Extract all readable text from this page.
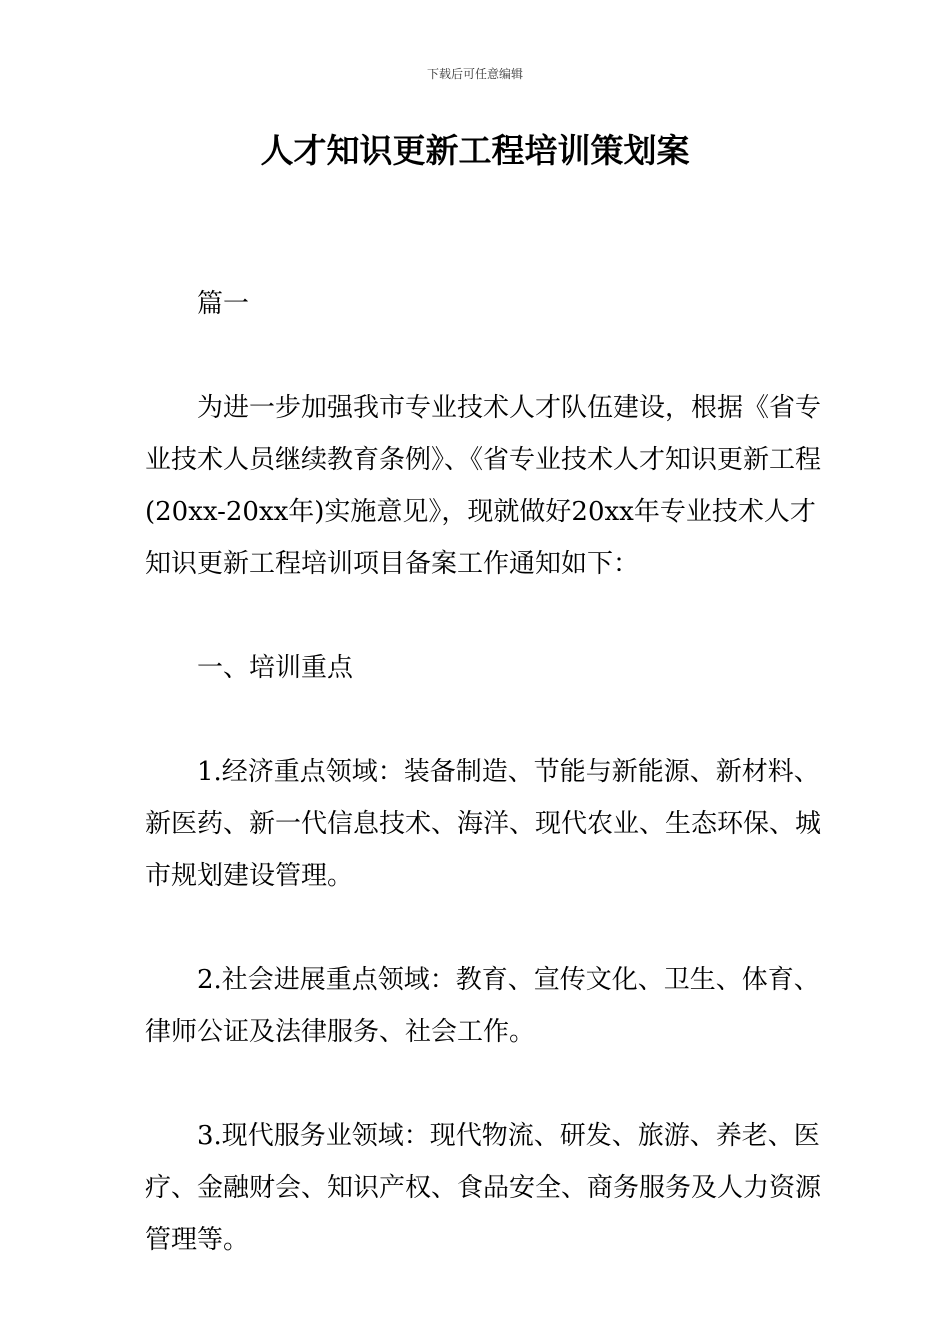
下载后可任意编辑
人才知识更新工程培训策划案

篇一

为进一步加强我市专业技术人才队伍建设，根据《省专业技术人员继续教育条例》、《省专业技术人才知识更新工程(20xx-20xx年)实施意见》，现就做好20xx年专业技术人才知识更新工程培训项目备案工作通知如下：

一、培训重点

1.经济重点领域：装备制造、节能与新能源、新材料、新医药、新一代信息技术、海洋、现代农业、生态环保、城市规划建设管理。

2.社会进展重点领域：教育、宣传文化、卫生、体育、律师公证及法律服务、社会工作。

3.现代服务业领域：现代物流、研发、旅游、养老、医疗、金融财会、知识产权、食品安全、商务服务及人力资源管理等。
